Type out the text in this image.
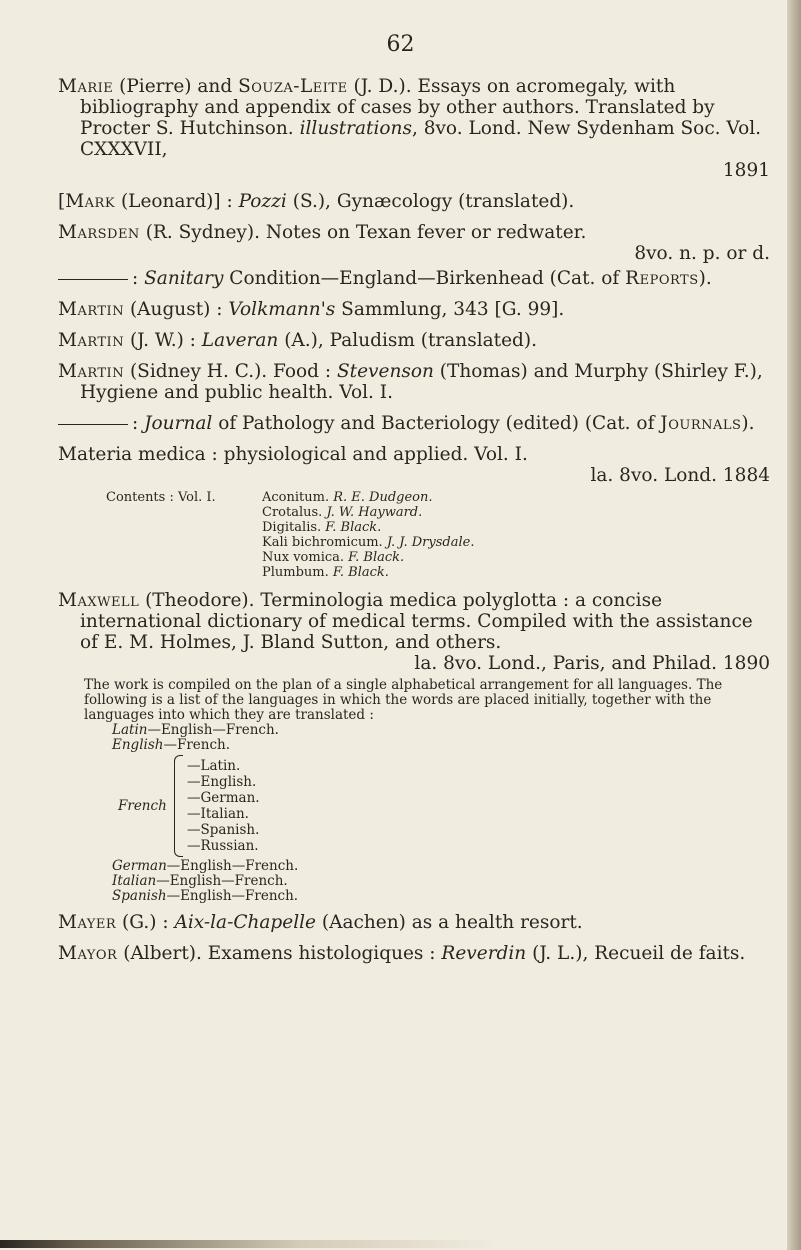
62

Marie (Pierre) and Souza-Leite (J. D.). Essays on acromegaly, with bibliography and appendix of cases by other authors. Translated by Procter S. Hutchinson. illustrations, 8vo. Lond. New Sydenham Soc. Vol. CXXXVII,

1891

[Mark (Leonard)] : Pozzi (S.), Gynæcology (translated).

Marsden (R. Sydney). Notes on Texan fever or redwater.

8vo. n. p. or d.

: Sanitary Condition—England—Birkenhead (Cat. of Reports).

Martin (August) : Volkmann's Sammlung, 343 [G. 99].

Martin (J. W.) : Laveran (A.), Paludism (translated).

Martin (Sidney H. C.). Food : Stevenson (Thomas) and Murphy (Shirley F.), Hygiene and public health. Vol. I.

: Journal of Pathology and Bacteriology (edited) (Cat. of Journals).

Materia medica : physiological and applied. Vol. I.

la. 8vo. Lond. 1884
Contents : Vol. I.	Aconitum. R. E. Dudgeon.
Crotalus. J. W. Hayward.
Digitalis. F. Black.
Kali bichromicum. J. J. Drysdale.
Nux vomica. F. Black.
Plumbum. F. Black.

Maxwell (Theodore). Terminologia medica polyglotta : a concise international dictionary of medical terms. Compiled with the assistance of E. M. Holmes, J. Bland Sutton, and others.

la. 8vo. Lond., Paris, and Philad. 1890

The work is compiled on the plan of a single alphabetical arrangement for all languages. The following is a list of the languages in which the words are placed initially, together with the languages into which they are translated :

Latin—English—French.
English—French.
French
—Latin.
—English.
—German.
—Italian.
—Spanish.
—Russian.
German—English—French.
Italian—English—French.
Spanish—English—French.

Mayer (G.) : Aix-la-Chapelle (Aachen) as a health resort.

Mayor (Albert). Examens histologiques : Reverdin (J. L.), Recueil de faits.
